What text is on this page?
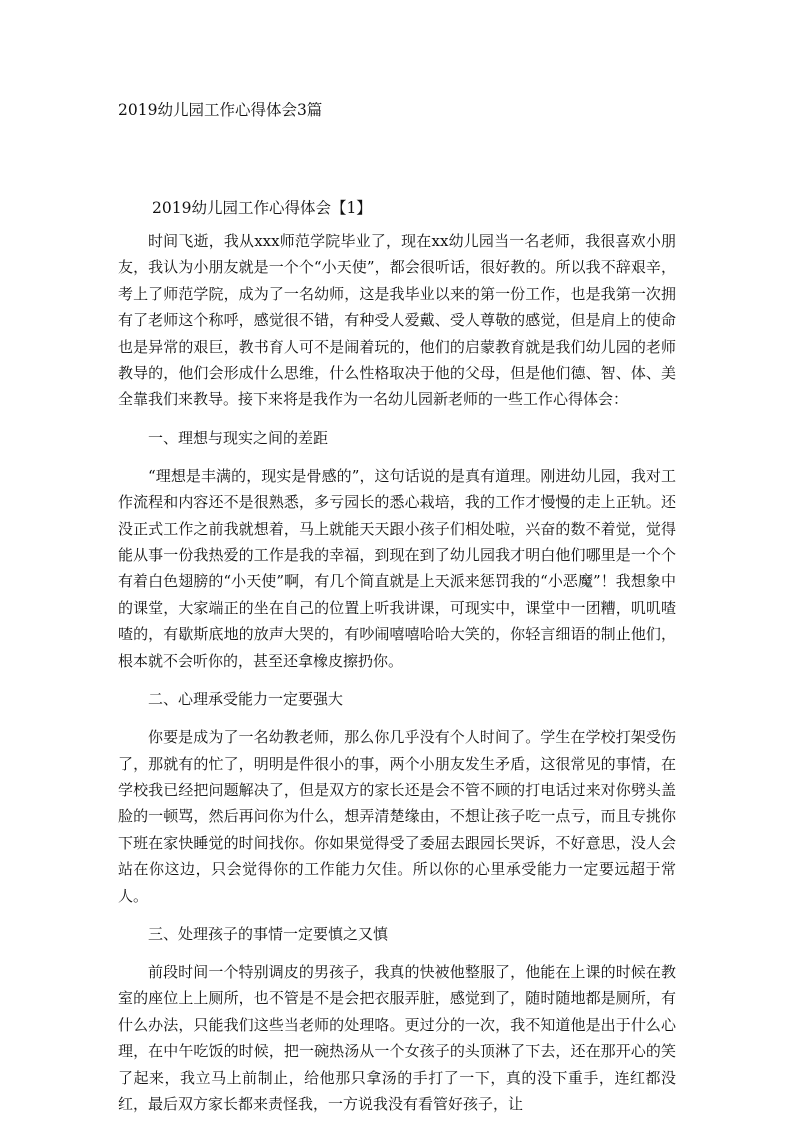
2019幼儿园工作心得体会3篇
2019幼儿园工作心得体会【1】

时间飞逝，我从xxx师范学院毕业了，现在xx幼儿园当一名老师，我很喜欢小朋友，我认为小朋友就是一个个“小天使”，都会很听话，很好教的。所以我不辞艰辛，考上了师范学院，成为了一名幼师，这是我毕业以来的第一份工作，也是我第一次拥有了老师这个称呼，感觉很不错，有种受人爱戴、受人尊敬的感觉，但是肩上的使命也是异常的艰巨，教书育人可不是闹着玩的，他们的启蒙教育就是我们幼儿园的老师教导的，他们会形成什么思维，什么性格取决于他的父母，但是他们德、智、体、美全靠我们来教导。接下来将是我作为一名幼儿园新老师的一些工作心得体会：

一、理想与现实之间的差距

“理想是丰满的，现实是骨感的”，这句话说的是真有道理。刚进幼儿园，我对工作流程和内容还不是很熟悉，多亏园长的悉心栽培，我的工作才慢慢的走上正轨。还没正式工作之前我就想着，马上就能天天跟小孩子们相处啦，兴奋的数不着觉，觉得能从事一份我热爱的工作是我的幸福，到现在到了幼儿园我才明白他们哪里是一个个有着白色翅膀的“小天使”啊，有几个简直就是上天派来惩罚我的“小恶魔”！我想象中的课堂，大家端正的坐在自己的位置上听我讲课，可现实中，课堂中一团糟，叽叽喳喳的，有歇斯底地的放声大哭的，有吵闹嘻嘻哈哈大笑的，你轻言细语的制止他们，根本就不会听你的，甚至还拿橡皮擦扔你。

二、心理承受能力一定要强大

你要是成为了一名幼教老师，那么你几乎没有个人时间了。学生在学校打架受伤了，那就有的忙了，明明是件很小的事，两个小朋友发生矛盾，这很常见的事情，在学校我已经把问题解决了，但是双方的家长还是会不管不顾的打电话过来对你劈头盖脸的一顿骂，然后再问你为什么，想弄清楚缘由，不想让孩子吃一点亏，而且专挑你下班在家快睡觉的时间找你。你如果觉得受了委屈去跟园长哭诉，不好意思，没人会站在你这边，只会觉得你的工作能力欠佳。所以你的心里承受能力一定要远超于常人。

三、处理孩子的事情一定要慎之又慎

前段时间一个特别调皮的男孩子，我真的快被他整服了，他能在上课的时候在教室的座位上上厕所，也不管是不是会把衣服弄脏，感觉到了，随时随地都是厕所，有什么办法，只能我们这些当老师的处理咯。更过分的一次，我不知道他是出于什么心理，在中午吃饭的时候，把一碗热汤从一个女孩子的头顶淋了下去，还在那开心的笑了起来，我立马上前制止，给他那只拿汤的手打了一下，真的没下重手，连红都没红，最后双方家长都来责怪我，一方说我没有看管好孩子，让
